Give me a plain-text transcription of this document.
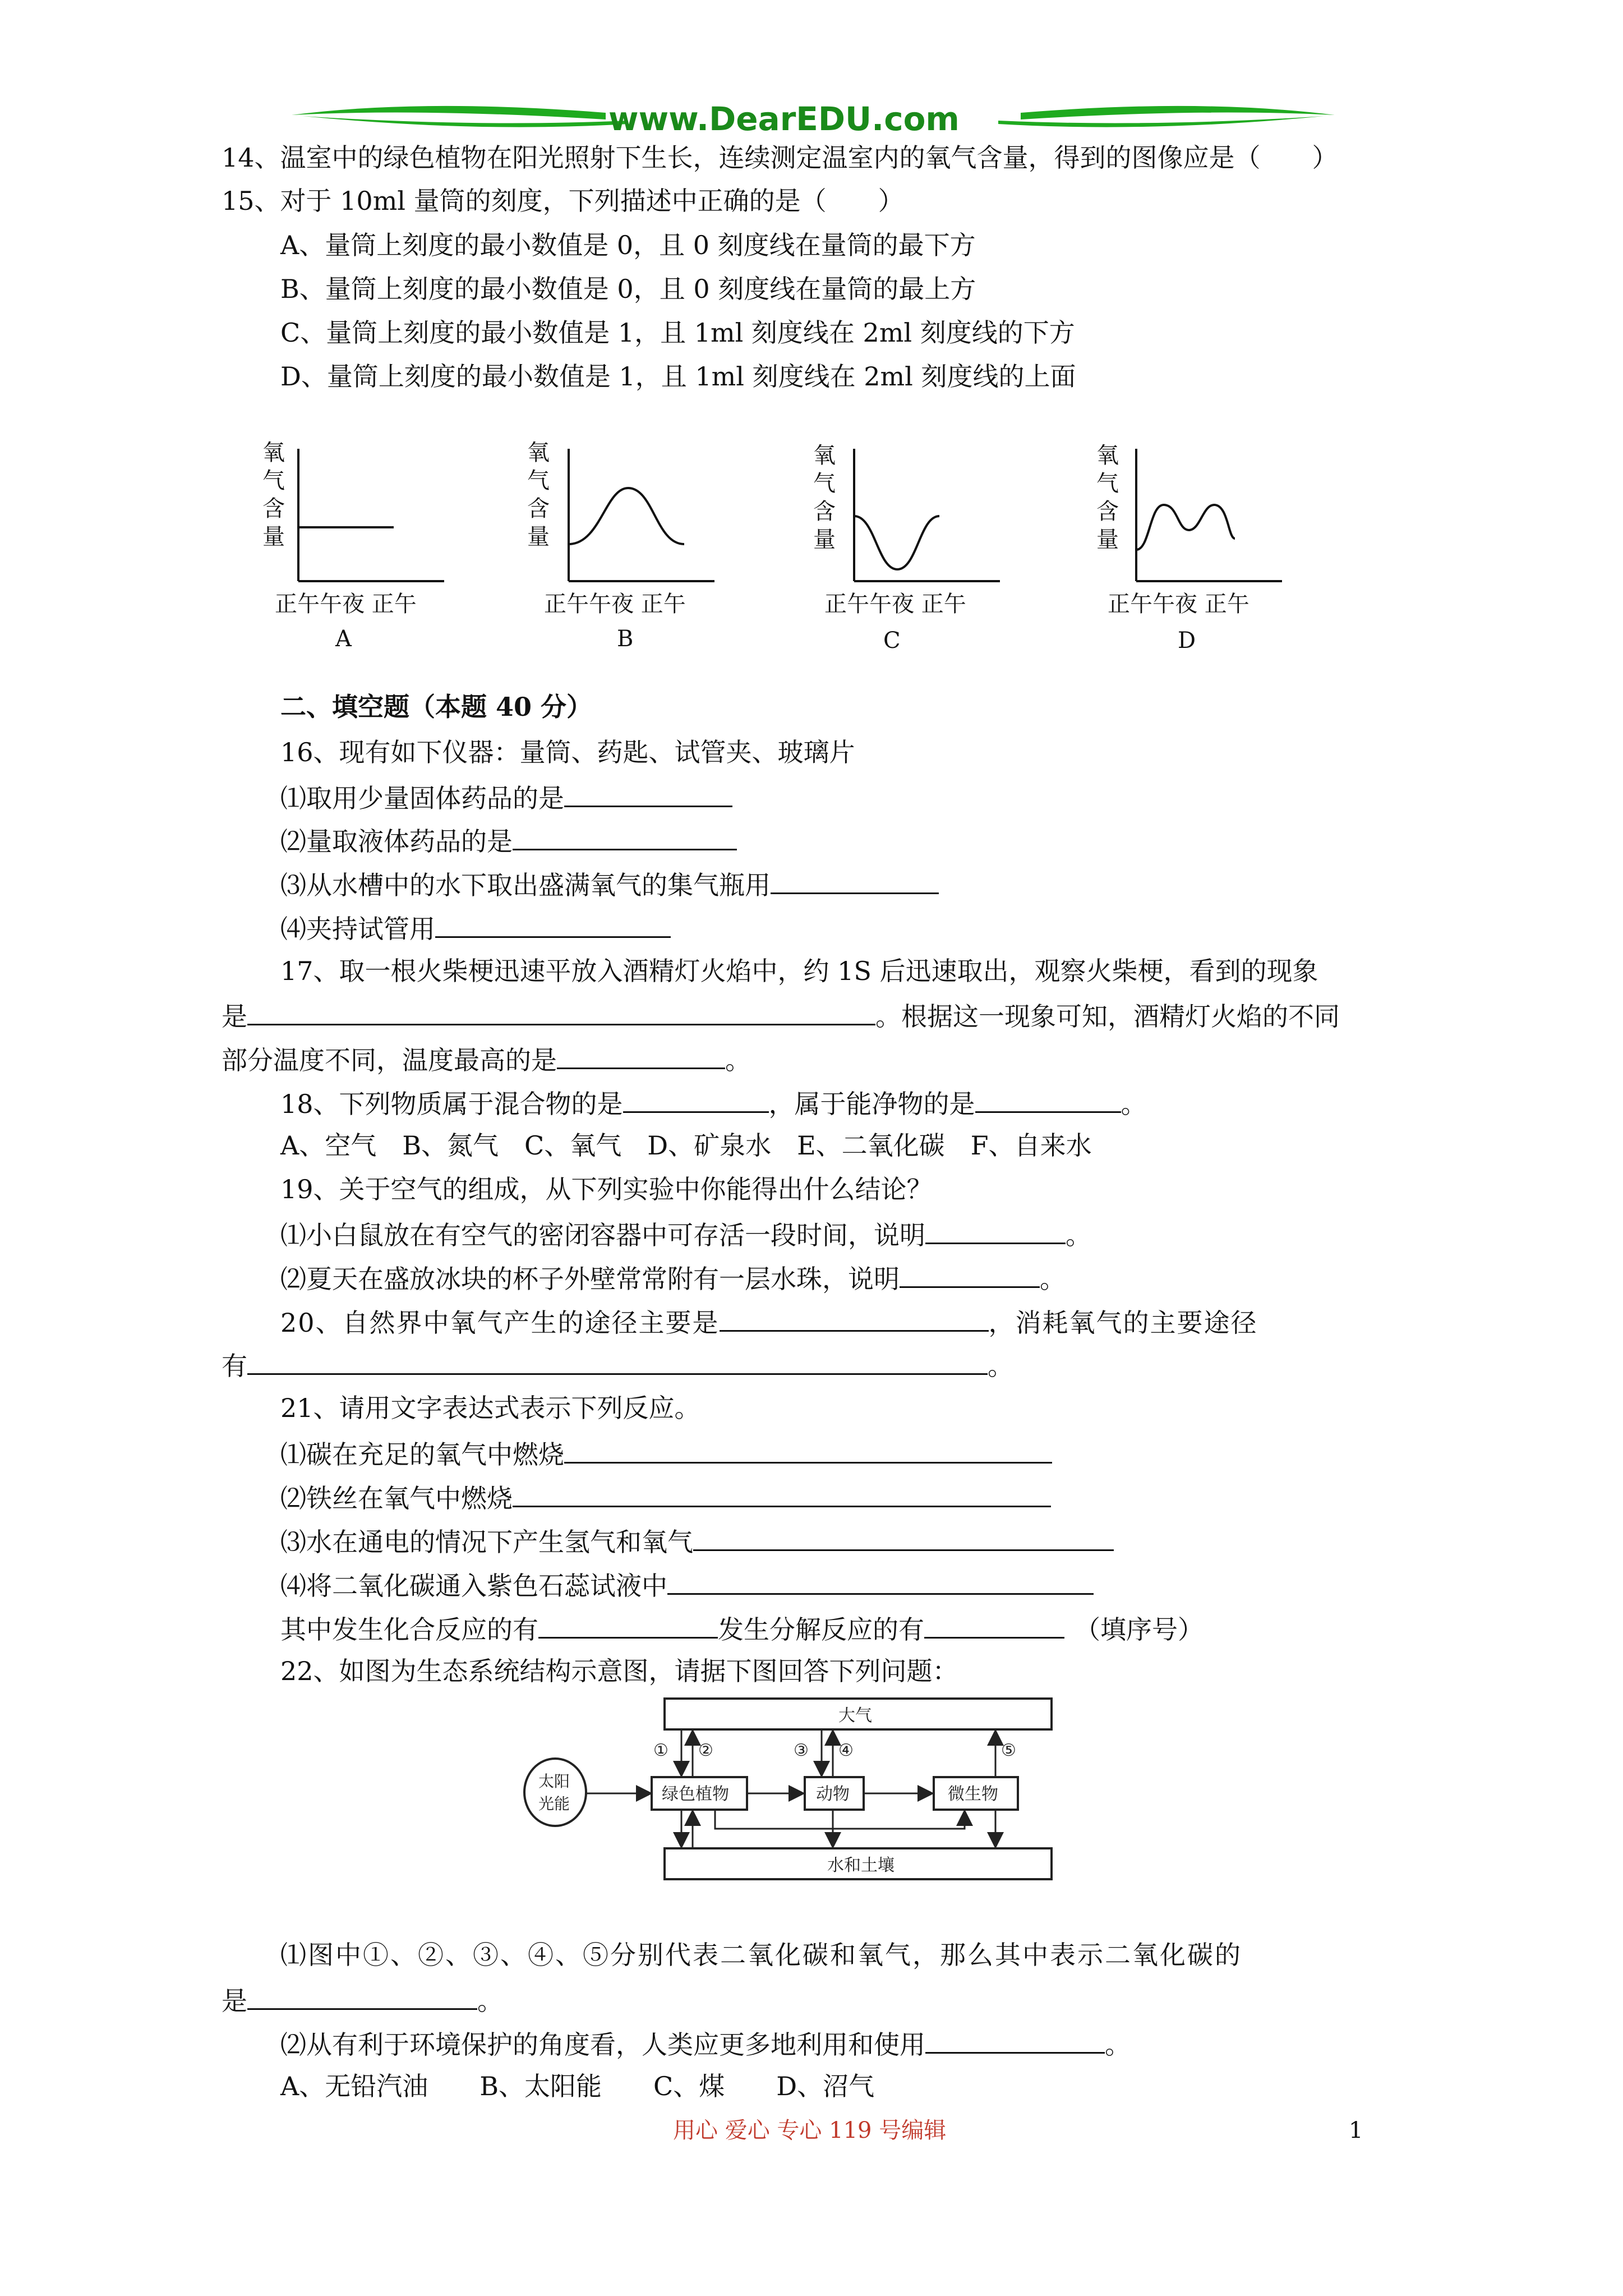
www.DearEDU.com
14、温室中的绿色植物在阳光照射下生长，连续测定温室内的氧气含量，得到的图像应是（　　）
15、对于 10ml 量筒的刻度，下列描述中正确的是（　　）
A、量筒上刻度的最小数值是 0，且 0 刻度线在量筒的最下方
B、量筒上刻度的最小数值是 0，且 0 刻度线在量筒的最上方
C、量筒上刻度的最小数值是 1，且 1ml 刻度线在 2ml 刻度线的下方
D、量筒上刻度的最小数值是 1，且 1ml 刻度线在 2ml 刻度线的上面
氧
气
含
量
正午午夜 正午
A
氧
气
含
量
正午午夜 正午
B
氧
气
含
量
正午午夜 正午
C
氧
气
含
量
正午午夜 正午
D
二、填空题（本题 40 分）
16、现有如下仪器：量筒、药匙、试管夹、玻璃片
⑴取用少量固体药品的是
⑵量取液体药品的是
⑶从水槽中的水下取出盛满氧气的集气瓶用
⑷夹持试管用
17、取一根火柴梗迅速平放入酒精灯火焰中，约 1S 后迅速取出，观察火柴梗，看到的现象
是	。根据这一现象可知，酒精灯火焰的不同
部分温度不同，温度最高的是	。
18、下列物质属于混合物的是	，属于能净物的是	。
A、空气　B、氮气　C、氧气　D、矿泉水　E、二氧化碳　F、自来水
19、关于空气的组成，从下列实验中你能得出什么结论？
⑴小白鼠放在有空气的密闭容器中可存活一段时间，说明	。
⑵夏天在盛放冰块的杯子外壁常常附有一层水珠，说明	。
20、自然界中氧气产生的途径主要是	，消耗氧气的主要途径
有	。
21、请用文字表达式表示下列反应。
⑴碳在充足的氧气中燃烧
⑵铁丝在氧气中燃烧
⑶水在通电的情况下产生氢气和氧气
⑷将二氧化碳通入紫色石蕊试液中
其中发生化合反应的有	发生分解反应的有	（填序号）
22、如图为生态系统结构示意图，请据下图回答下列问题：
大气
水和土壤
太阳
光能	绿色植物	动物	微生物
① ②	③ ④	⑤
⑴图中①、②、③、④、⑤分别代表二氧化碳和氧气，那么其中表示二氧化碳的
是	。
⑵从有利于环境保护的角度看，人类应更多地利用和使用	。
A、无铅汽油　　B、太阳能　　C、煤　　D、沼气
用心 爱心 专心 119 号编辑	1
